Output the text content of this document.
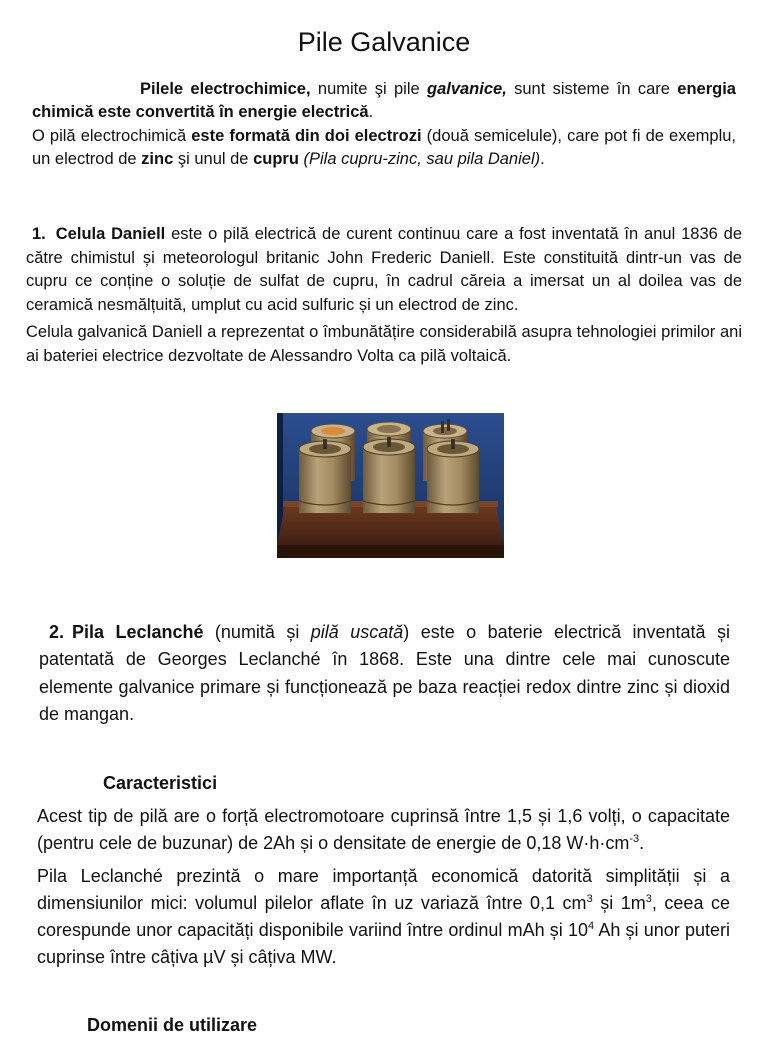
Pile Galvanice

Pilele electrochimice, numite şi pile galvanice, sunt sisteme în care energia chimică este convertită în energie electrică.

O pilă electrochimică este formată din doi electrozi (două semicelule), care pot fi de exemplu, un electrod de zinc şi unul de cupru (Pila cupru-zinc, sau pila Daniel).

1. Celula Daniell este o pilă electrică de curent continuu care a fost inventată în anul 1836 de către chimistul și meteorologul britanic John Frederic Daniell. Este constituită dintr-un vas de cupru ce conține o soluție de sulfat de cupru, în cadrul căreia a imersat un al doilea vas de ceramică nesmălțuită, umplut cu acid sulfuric și un electrod de zinc.

Celula galvanică Daniell a reprezentat o îmbunătățire considerabilă asupra tehnologiei primilor ani ai bateriei electrice dezvoltate de Alessandro Volta ca pilă voltaică.

2. Pila Leclanché (numită și pilă uscată) este o baterie electrică inventată și patentată de Georges Leclanché în 1868. Este una dintre cele mai cunoscute elemente galvanice primare și funcționează pe baza reacției redox dintre zinc și dioxid de mangan.

Caracteristici

Acest tip de pilă are o forță electromotoare cuprinsă între 1,5 și 1,6 volți, o capacitate (pentru cele de buzunar) de 2Ah și o densitate de energie de 0,18 $W\cdot h\cdot cm^{-3}$.

Pila Leclanché prezintă o mare importanță economică datorită simplității și a dimensiunilor mici: volumul pilelor aflate în uz variază între 0,1 $cm^3$ și $1m^3$, ceea ce corespunde unor capacități disponibile variind între ordinul mAh și $10^4$ Ah și unor puteri cuprinse între câțiva µV și câțiva MW.

Domenii de utilizare
